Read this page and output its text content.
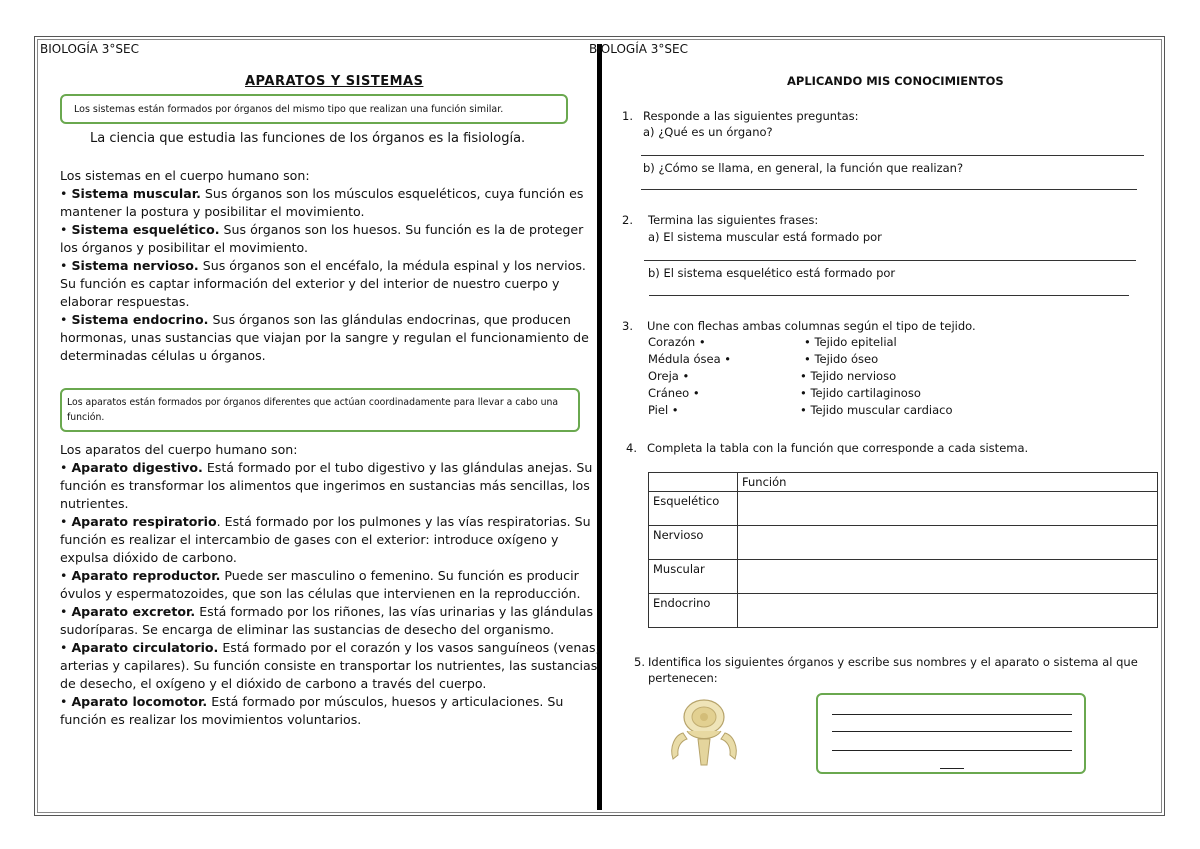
BIOLOGÍA 3°SEC	BIOLOGÍA 3°SEC
APARATOS Y SISTEMAS
Los sistemas están formados por órganos del mismo tipo que realizan una función similar.
La ciencia que estudia las funciones de los órganos es la fisiología.

Los sistemas en el cuerpo humano son:

• Sistema muscular. Sus órganos son los músculos esqueléticos, cuya función es mantener la postura y posibilitar el movimiento.

• Sistema esquelético. Sus órganos son los huesos. Su función es la de proteger los órganos y posibilitar el movimiento.

• Sistema nervioso. Sus órganos son el encéfalo, la médula espinal y los nervios. Su función es captar información del exterior y del interior de nuestro cuerpo y elaborar respuestas.

• Sistema endocrino. Sus órganos son las glándulas endocrinas, que producen hormonas, unas sustancias que viajan por la sangre y regulan el funcionamiento de determinadas células u órganos.

Los aparatos están formados por órganos diferentes que actúan coordinadamente para llevar a cabo una función.

Los aparatos del cuerpo humano son:

• Aparato digestivo. Está formado por el tubo digestivo y las glándulas anejas. Su función es transformar los alimentos que ingerimos en sustancias más sencillas, los nutrientes.

• Aparato respiratorio. Está formado por los pulmones y las vías respiratorias. Su función es realizar el intercambio de gases con el exterior: introduce oxígeno y expulsa dióxido de carbono.

• Aparato reproductor. Puede ser masculino o femenino. Su función es producir óvulos y espermatozoides, que son las células que intervienen en la reproducción.

• Aparato excretor. Está formado por los riñones, las vías urinarias y las glándulas sudoríparas. Se encarga de eliminar las sustancias de desecho del organismo.

• Aparato circulatorio. Está formado por el corazón y los vasos sanguíneos (venas, arterias y capilares). Su función consiste en transportar los nutrientes, las sustancias de desecho, el oxígeno y el dióxido de carbono a través del cuerpo.

• Aparato locomotor. Está formado por músculos, huesos y articulaciones. Su función es realizar los movimientos voluntarios.

APLICANDO MIS CONOCIMIENTOS
1. Responde a las siguientes preguntas:
a) ¿Qué es un órgano?
b) ¿Cómo se llama, en general, la función que realizan?
2. Termina las siguientes frases:
a) El sistema muscular está formado por
b) El sistema esquelético está formado por
3. Une con flechas ambas columnas según el tipo de tejido.
Corazón •
Médula ósea •
Oreja •
Cráneo •
Piel •
• Tejido epitelial
• Tejido óseo
• Tejido nervioso
• Tejido cartilaginoso
• Tejido muscular cardiaco
4. Completa la tabla con la función que corresponde a cada sistema.
	Función
Esquelético	
Nervioso	
Muscular	
Endocrino	
5. Identifica los siguientes órganos y escribe sus nombres y el aparato o sistema al que
pertenecen:
